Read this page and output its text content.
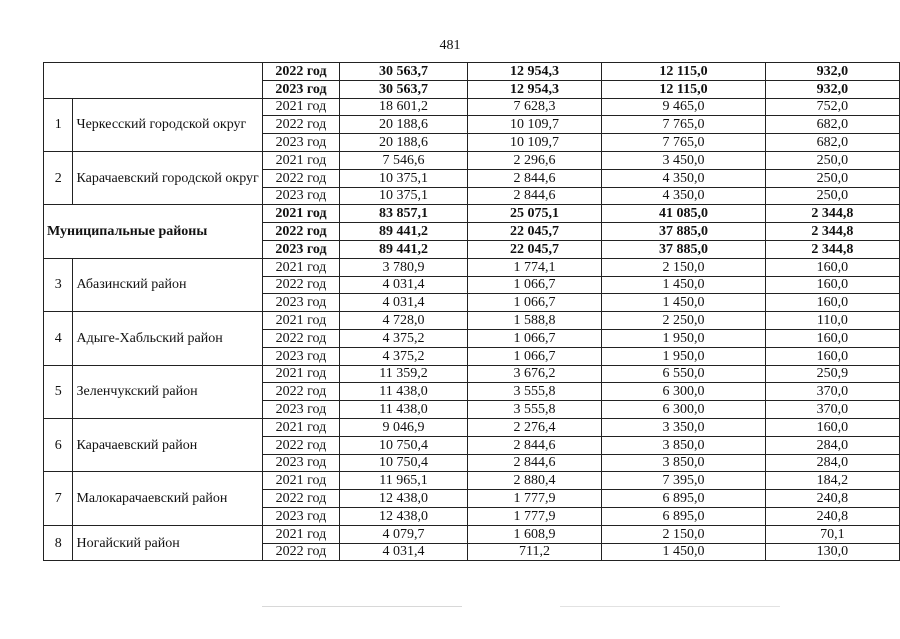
481
		2022 год	30 563,7	12 954,3	12 115,0	932,0
		2023 год	30 563,7	12 954,3	12 115,0	932,0
1	Черкесский городской округ	2021 год	18 601,2	7 628,3	9 465,0	752,0
		2022 год	20 188,6	10 109,7	7 765,0	682,0
		2023 год	20 188,6	10 109,7	7 765,0	682,0
2	Карачаевский городской округ	2021 год	7 546,6	2 296,6	3 450,0	250,0
		2022 год	10 375,1	2 844,6	4 350,0	250,0
		2023 год	10 375,1	2 844,6	4 350,0	250,0
Муниципальные районы		2021 год	83 857,1	25 075,1	41 085,0	2 344,8
		2022 год	89 441,2	22 045,7	37 885,0	2 344,8
		2023 год	89 441,2	22 045,7	37 885,0	2 344,8
3	Абазинский район	2021 год	3 780,9	1 774,1	2 150,0	160,0
		2022 год	4 031,4	1 066,7	1 450,0	160,0
		2023 год	4 031,4	1 066,7	1 450,0	160,0
4	Адыге-Хабльский район	2021 год	4 728,0	1 588,8	2 250,0	110,0
		2022 год	4 375,2	1 066,7	1 950,0	160,0
		2023 год	4 375,2	1 066,7	1 950,0	160,0
5	Зеленчукский район	2021 год	11 359,2	3 676,2	6 550,0	250,9
		2022 год	11 438,0	3 555,8	6 300,0	370,0
		2023 год	11 438,0	3 555,8	6 300,0	370,0
6	Карачаевский район	2021 год	9 046,9	2 276,4	3 350,0	160,0
		2022 год	10 750,4	2 844,6	3 850,0	284,0
		2023 год	10 750,4	2 844,6	3 850,0	284,0
7	Малокарачаевский район	2021 год	11 965,1	2 880,4	7 395,0	184,2
		2022 год	12 438,0	1 777,9	6 895,0	240,8
		2023 год	12 438,0	1 777,9	6 895,0	240,8
8	Ногайский район	2021 год	4 079,7	1 608,9	2 150,0	70,1
		2022 год	4 031,4	711,2	1 450,0	130,0
